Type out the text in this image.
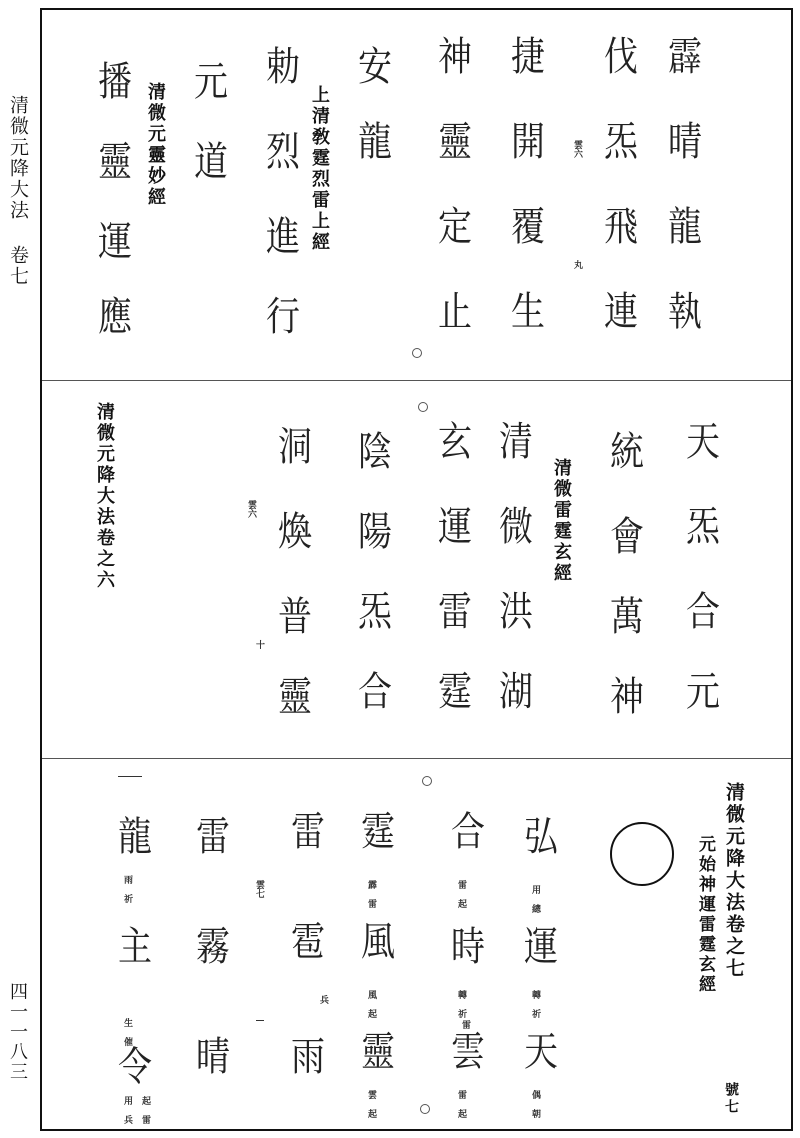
清微元降大法 卷七
四一一八三
霹
晴
龍
執
伐
炁
飛
連
捷
開
覆
生
神
靈
定
止
安
龍
上清敎霆烈雷上經
勅
烈
進
行
元
道
清微元靈妙經
播
靈
運
應
雲六
丸
天
炁
合
元
統
會
萬
神
清微雷霆玄經
清
微
洪
湖
玄
運
雷
霆
陰
陽
炁
合
洞
煥
普
靈
雲六
十
清微元降大法卷之六
清微元降大法卷之七
元始神運雷霆玄經
號七
弘
運
天
用 總
轉 祈
偶 朝
合
時
雲
雷 起
轉 祈
雷 起
雷
霆
風
靈
霹 雷
風 起
雲 起
雷
雹
雨
兵
雷
霧
晴
龍
主
令
雨 祈
生 催
起 雷
用 兵
雲七
